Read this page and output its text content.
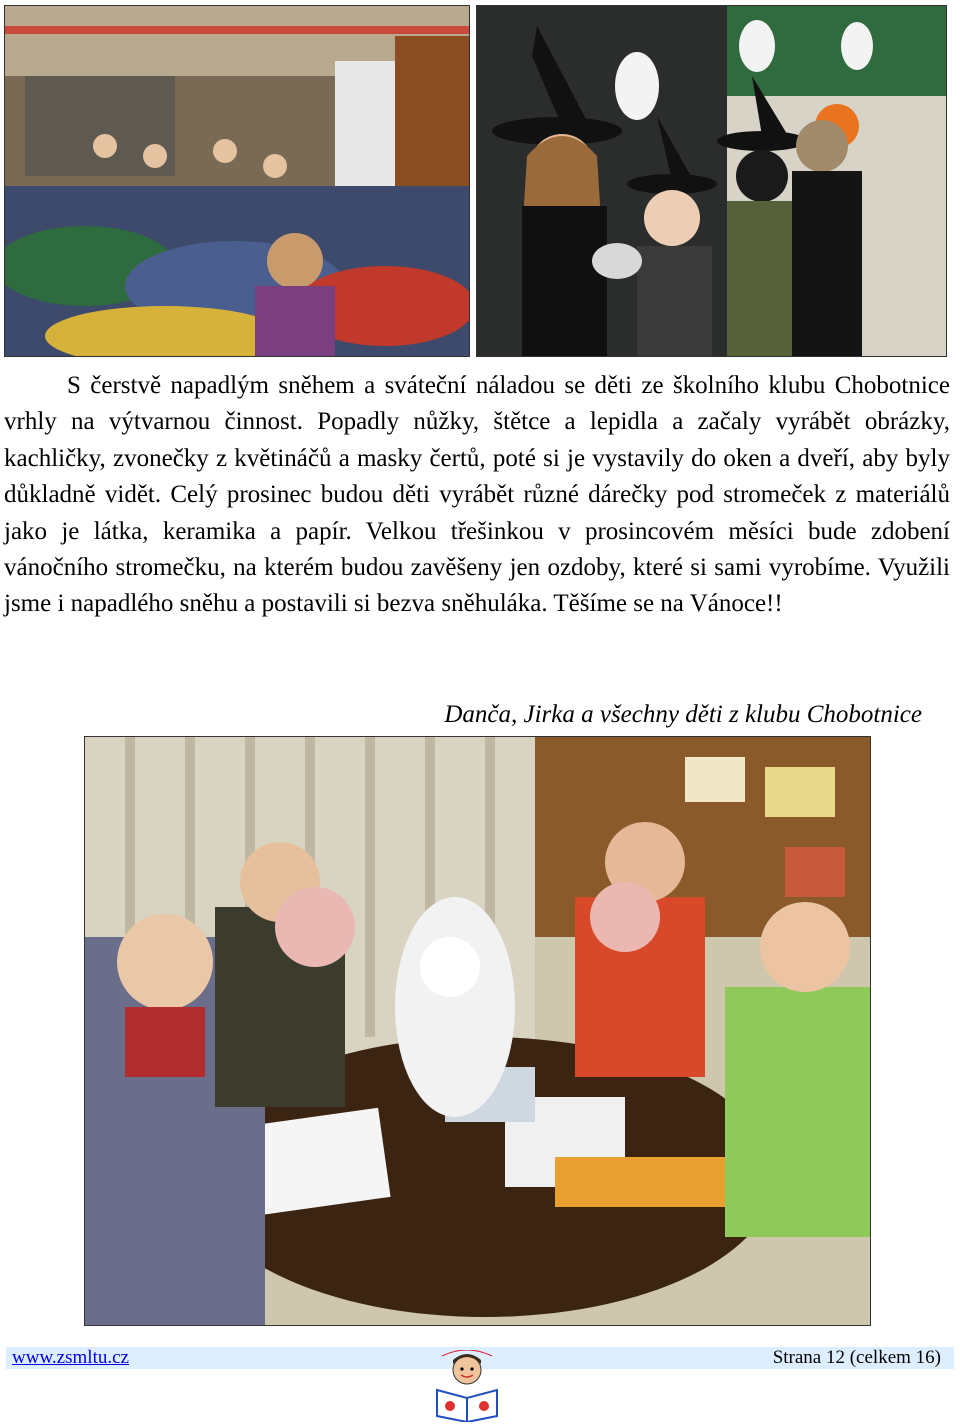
S čerstvě napadlým sněhem a sváteční náladou se děti ze školního klubu Chobotnice vrhly na výtvarnou činnost. Popadly nůžky, štětce a lepidla a začaly vyrábět obrázky, kachličky, zvonečky z květináčů a masky čertů, poté si je vystavily do oken a dveří, aby byly důkladně vidět. Celý prosinec budou děti vyrábět různé dárečky pod stromeček z materiálů jako je látka, keramika a papír. Velkou třešinkou v prosincovém měsíci bude zdobení vánočního stromečku, na kterém budou zavěšeny jen ozdoby, které si sami vyrobíme. Využili jsme i napadlého sněhu a postavili si bezva sněhuláka. Těšíme se na Vánoce!!

Danča, Jirka a všechny děti z klubu Chobotnice
www.zsmltu.cz	Strana 12 (celkem 16)
